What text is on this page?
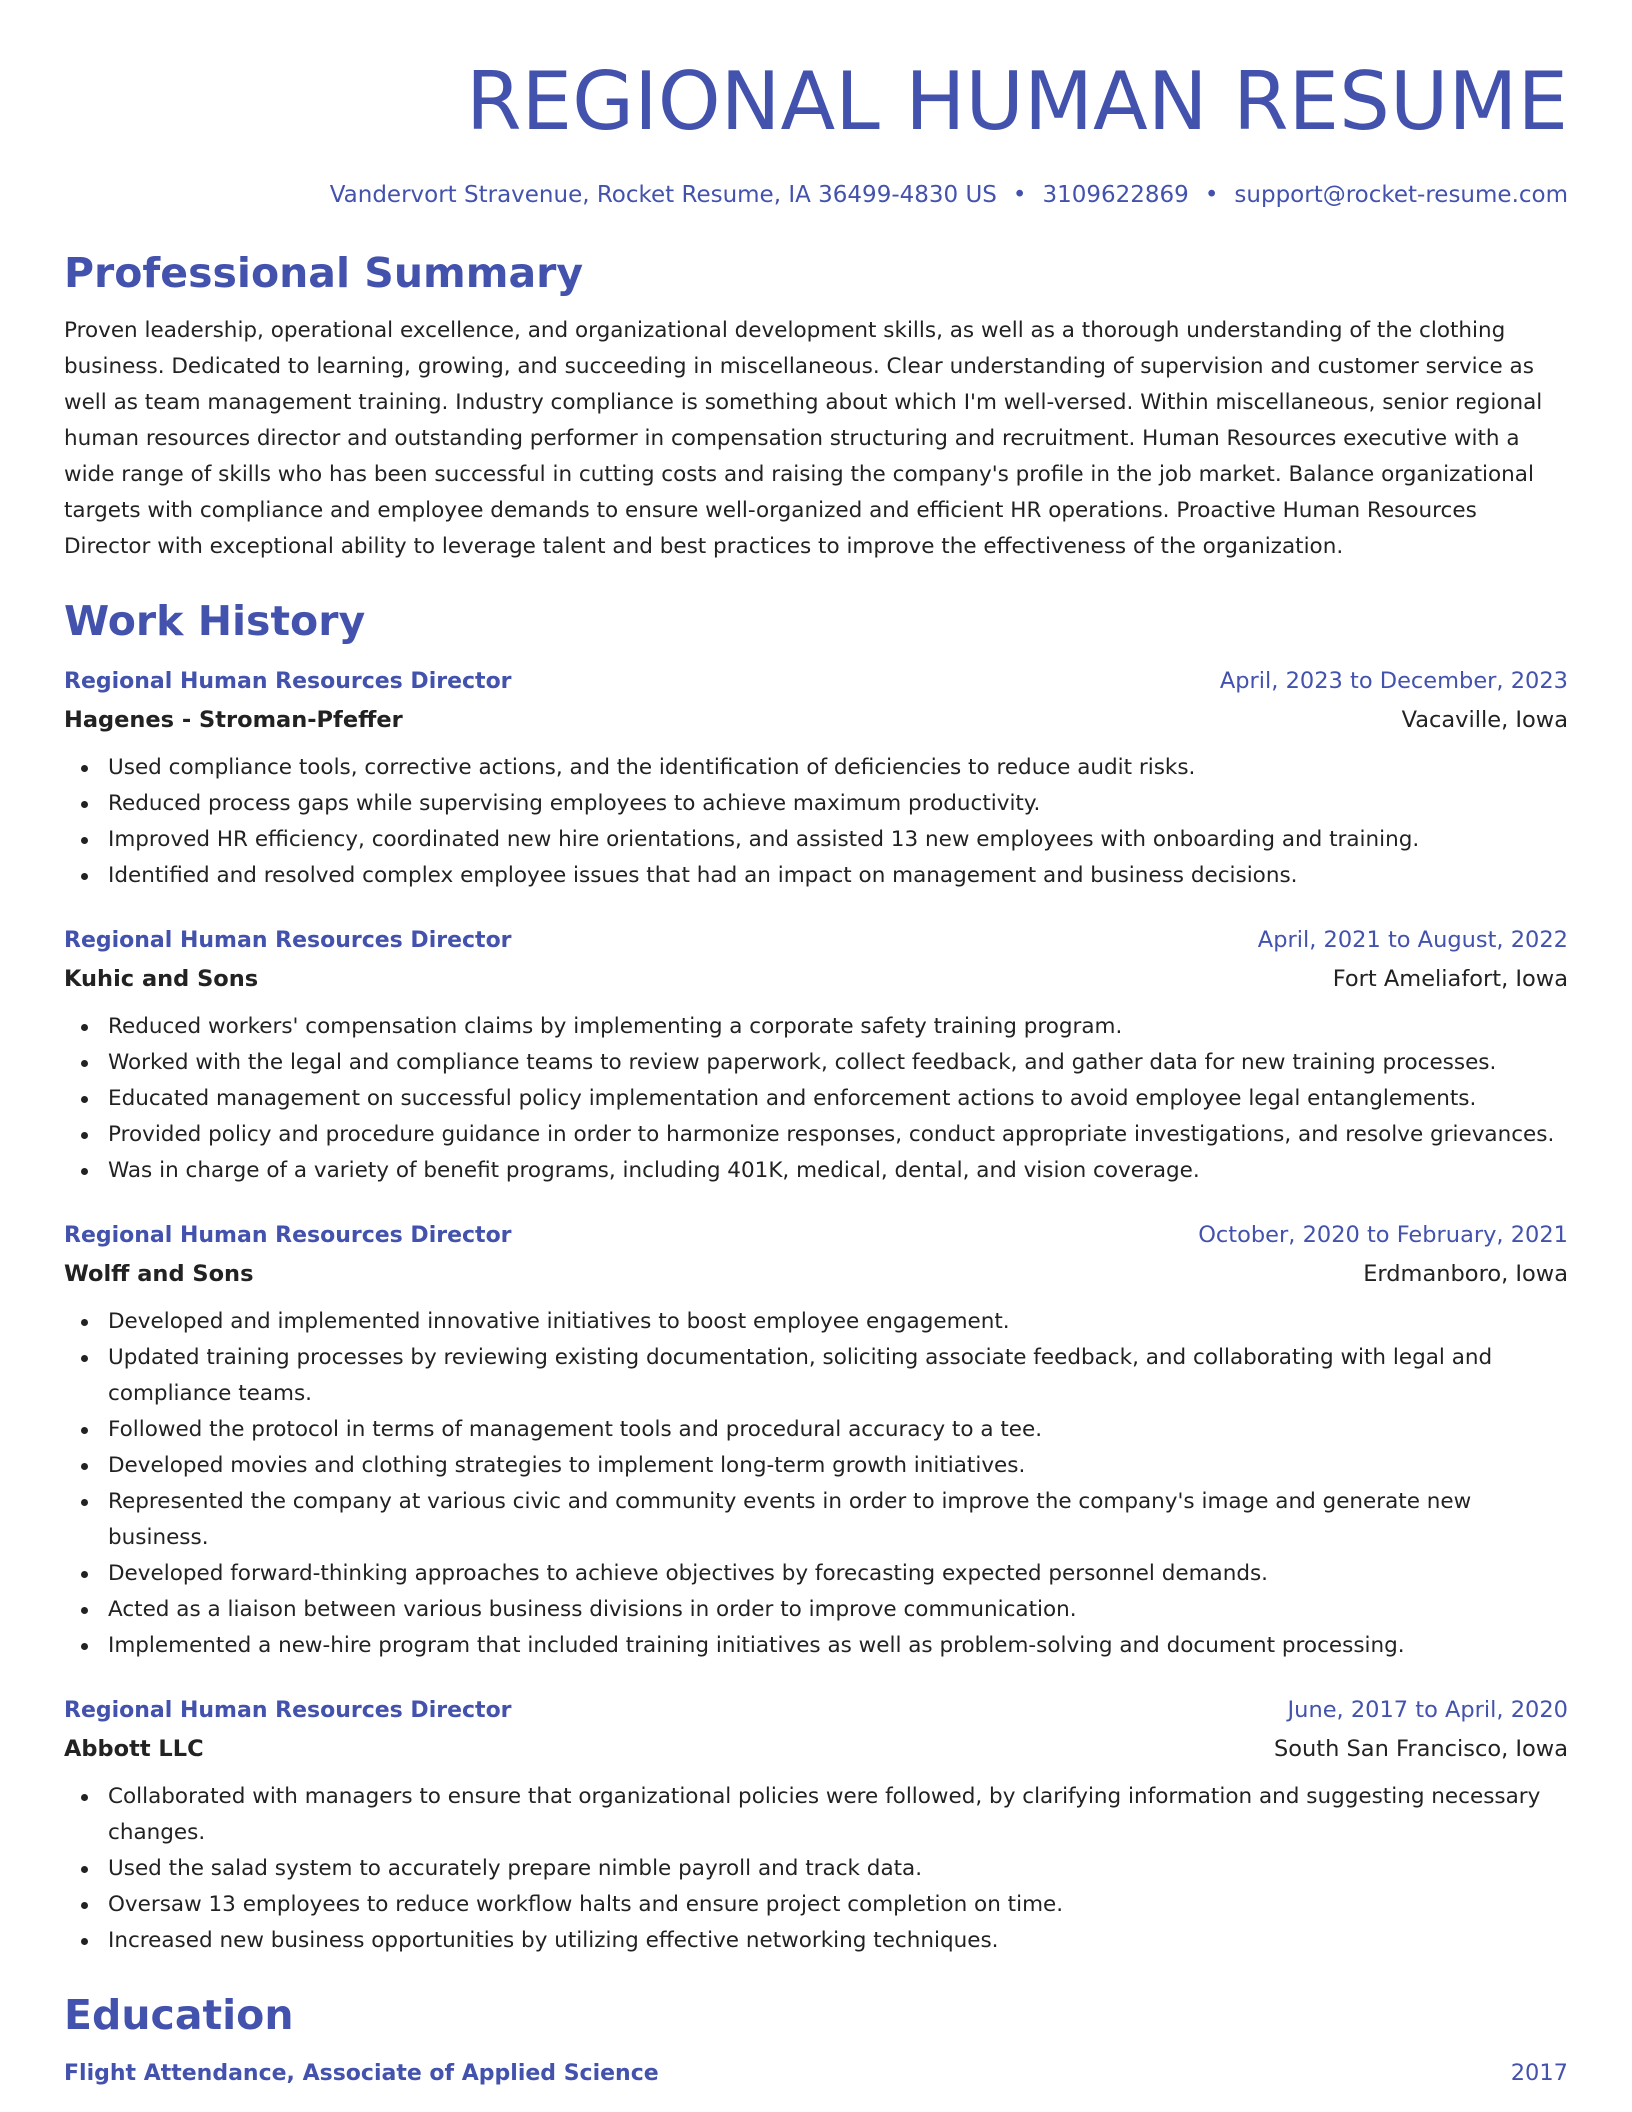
REGIONAL HUMAN RESUME
Vandervort Stravenue, Rocket Resume, IA 36499-4830 US • 3109622869 • support@rocket-resume.com
Professional Summary
Proven leadership, operational excellence, and organizational development skills, as well as a thorough understanding of the clothing business. Dedicated to learning, growing, and succeeding in miscellaneous. Clear understanding of supervision and customer service as well as team management training. Industry compliance is something about which I'm well-versed. Within miscellaneous, senior regional human resources director and outstanding performer in compensation structuring and recruitment. Human Resources executive with a wide range of skills who has been successful in cutting costs and raising the company's profile in the job market. Balance organizational targets with compliance and employee demands to ensure well-organized and efficient HR operations. Proactive Human Resources Director with exceptional ability to leverage talent and best practices to improve the effectiveness of the organization.
Work History
Regional Human Resources Director	April, 2023 to December, 2023
Hagenes - Stroman-Pfeffer	Vacaville, Iowa
Used compliance tools, corrective actions, and the identification of deficiencies to reduce audit risks.
Reduced process gaps while supervising employees to achieve maximum productivity.
Improved HR efficiency, coordinated new hire orientations, and assisted 13 new employees with onboarding and training.
Identified and resolved complex employee issues that had an impact on management and business decisions.
Regional Human Resources Director	April, 2021 to August, 2022
Kuhic and Sons	Fort Ameliafort, Iowa
Reduced workers' compensation claims by implementing a corporate safety training program.
Worked with the legal and compliance teams to review paperwork, collect feedback, and gather data for new training processes.
Educated management on successful policy implementation and enforcement actions to avoid employee legal entanglements.
Provided policy and procedure guidance in order to harmonize responses, conduct appropriate investigations, and resolve grievances.
Was in charge of a variety of benefit programs, including 401K, medical, dental, and vision coverage.
Regional Human Resources Director	October, 2020 to February, 2021
Wolff and Sons	Erdmanboro, Iowa
Developed and implemented innovative initiatives to boost employee engagement.
Updated training processes by reviewing existing documentation, soliciting associate feedback, and collaborating with legal and compliance teams.
Followed the protocol in terms of management tools and procedural accuracy to a tee.
Developed movies and clothing strategies to implement long-term growth initiatives.
Represented the company at various civic and community events in order to improve the company's image and generate new business.
Developed forward-thinking approaches to achieve objectives by forecasting expected personnel demands.
Acted as a liaison between various business divisions in order to improve communication.
Implemented a new-hire program that included training initiatives as well as problem-solving and document processing.
Regional Human Resources Director	June, 2017 to April, 2020
Abbott LLC	South San Francisco, Iowa
Collaborated with managers to ensure that organizational policies were followed, by clarifying information and suggesting necessary changes.
Used the salad system to accurately prepare nimble payroll and track data.
Oversaw 13 employees to reduce workflow halts and ensure project completion on time.
Increased new business opportunities by utilizing effective networking techniques.
Education
Flight Attendance, Associate of Applied Science	2017
